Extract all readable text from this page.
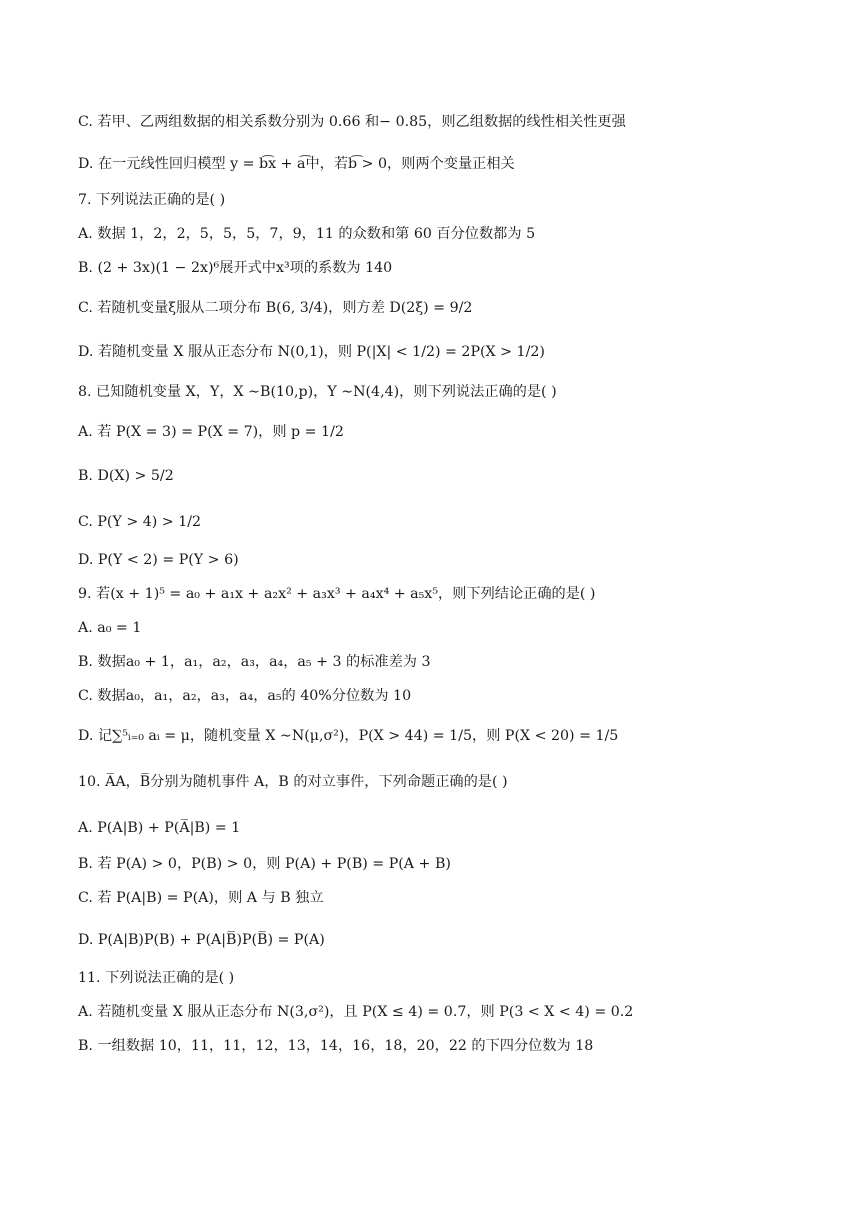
C. 若甲、乙两组数据的相关系数分别为 0.66 和− 0.85，则乙组数据的线性相关性更强
D. 在一元线性回归模型 y = b͡x + a͡中，若b͡ > 0，则两个变量正相关
7. 下列说法正确的是( )
A. 数据 1，2，2，5，5，5，7，9，11 的众数和第 60 百分位数都为 5
B. (2 + 3x)(1 − 2x)⁶展开式中x³项的系数为 140
C. 若随机变量ξ服从二项分布 B(6, 3/4)，则方差 D(2ξ) = 9/2
D. 若随机变量 X 服从正态分布 N(0,1)，则 P(|X| < 1/2) = 2P(X > 1/2)
8. 已知随机变量 X，Y，X ∼B(10,p)，Y ∼N(4,4)，则下列说法正确的是( )
A. 若 P(X = 3) = P(X = 7)，则 p = 1/2
B. D(X) > 5/2
C. P(Y > 4) > 1/2
D. P(Y < 2) = P(Y > 6)
9. 若(x + 1)⁵ = a₀ + a₁x + a₂x² + a₃x³ + a₄x⁴ + a₅x⁵，则下列结论正确的是( )
A. a₀ = 1
B. 数据a₀ + 1，a₁，a₂，a₃，a₄，a₅ + 3 的标准差为 3
C. 数据a₀，a₁，a₂，a₃，a₄，a₅的 40%分位数为 10
D. 记∑⁵ᵢ₌₀ aᵢ = μ，随机变量 X ∼N(μ,σ²)，P(X > 44) = 1/5，则 P(X < 20) = 1/5
10. A̅A，B̅分别为随机事件 A，B 的对立事件，下列命题正确的是( )
A. P(A|B) + P(A̅|B) = 1
B. 若 P(A) > 0，P(B) > 0，则 P(A) + P(B) = P(A + B)
C. 若 P(A|B) = P(A)，则 A 与 B 独立
D. P(A|B)P(B) + P(A|B̅)P(B̅) = P(A)
11. 下列说法正确的是( )
A. 若随机变量 X 服从正态分布 N(3,σ²)，且 P(X ≤ 4) = 0.7，则 P(3 < X < 4) = 0.2
B. 一组数据 10，11，11，12，13，14，16，18，20，22 的下四分位数为 18
